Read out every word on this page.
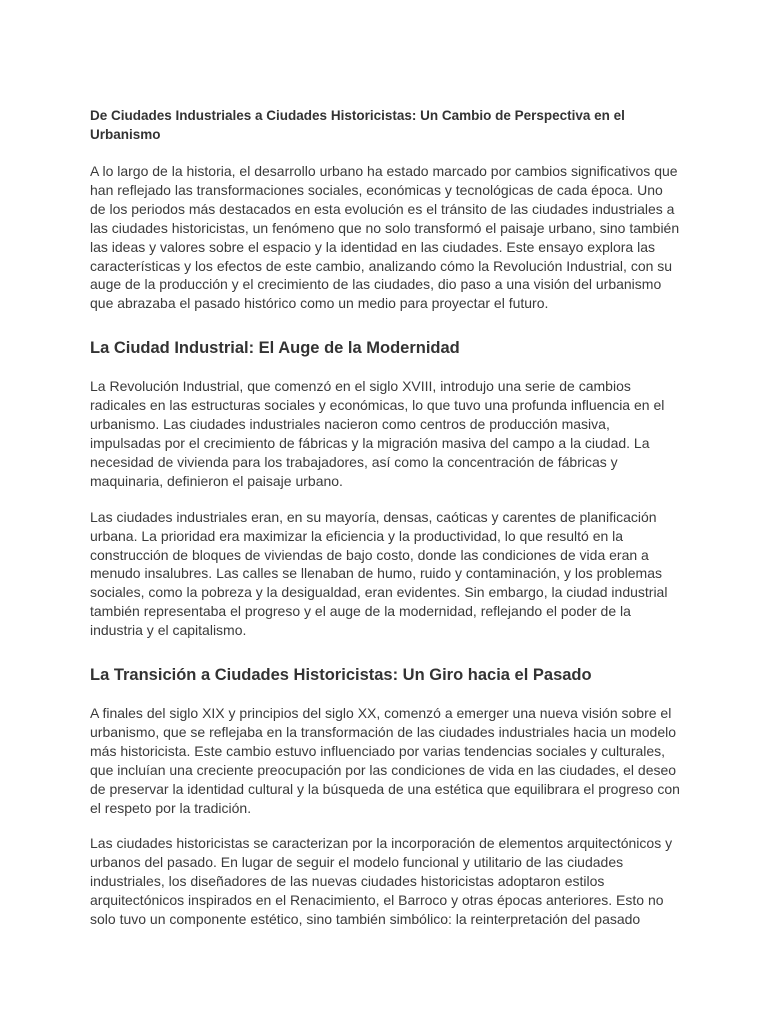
De Ciudades Industriales a Ciudades Historicistas: Un Cambio de Perspectiva en el Urbanismo

A lo largo de la historia, el desarrollo urbano ha estado marcado por cambios significativos que han reflejado las transformaciones sociales, económicas y tecnológicas de cada época. Uno de los periodos más destacados en esta evolución es el tránsito de las ciudades industriales a las ciudades historicistas, un fenómeno que no solo transformó el paisaje urbano, sino también las ideas y valores sobre el espacio y la identidad en las ciudades. Este ensayo explora las características y los efectos de este cambio, analizando cómo la Revolución Industrial, con su auge de la producción y el crecimiento de las ciudades, dio paso a una visión del urbanismo que abrazaba el pasado histórico como un medio para proyectar el futuro.

La Ciudad Industrial: El Auge de la Modernidad

La Revolución Industrial, que comenzó en el siglo XVIII, introdujo una serie de cambios radicales en las estructuras sociales y económicas, lo que tuvo una profunda influencia en el urbanismo. Las ciudades industriales nacieron como centros de producción masiva, impulsadas por el crecimiento de fábricas y la migración masiva del campo a la ciudad. La necesidad de vivienda para los trabajadores, así como la concentración de fábricas y maquinaria, definieron el paisaje urbano.

Las ciudades industriales eran, en su mayoría, densas, caóticas y carentes de planificación urbana. La prioridad era maximizar la eficiencia y la productividad, lo que resultó en la construcción de bloques de viviendas de bajo costo, donde las condiciones de vida eran a menudo insalubres. Las calles se llenaban de humo, ruido y contaminación, y los problemas sociales, como la pobreza y la desigualdad, eran evidentes. Sin embargo, la ciudad industrial también representaba el progreso y el auge de la modernidad, reflejando el poder de la industria y el capitalismo.

La Transición a Ciudades Historicistas: Un Giro hacia el Pasado

A finales del siglo XIX y principios del siglo XX, comenzó a emerger una nueva visión sobre el urbanismo, que se reflejaba en la transformación de las ciudades industriales hacia un modelo más historicista. Este cambio estuvo influenciado por varias tendencias sociales y culturales, que incluían una creciente preocupación por las condiciones de vida en las ciudades, el deseo de preservar la identidad cultural y la búsqueda de una estética que equilibrara el progreso con el respeto por la tradición.

Las ciudades historicistas se caracterizan por la incorporación de elementos arquitectónicos y urbanos del pasado. En lugar de seguir el modelo funcional y utilitario de las ciudades industriales, los diseñadores de las nuevas ciudades historicistas adoptaron estilos arquitectónicos inspirados en el Renacimiento, el Barroco y otras épocas anteriores. Esto no solo tuvo un componente estético, sino también simbólico: la reinterpretación del pasado
